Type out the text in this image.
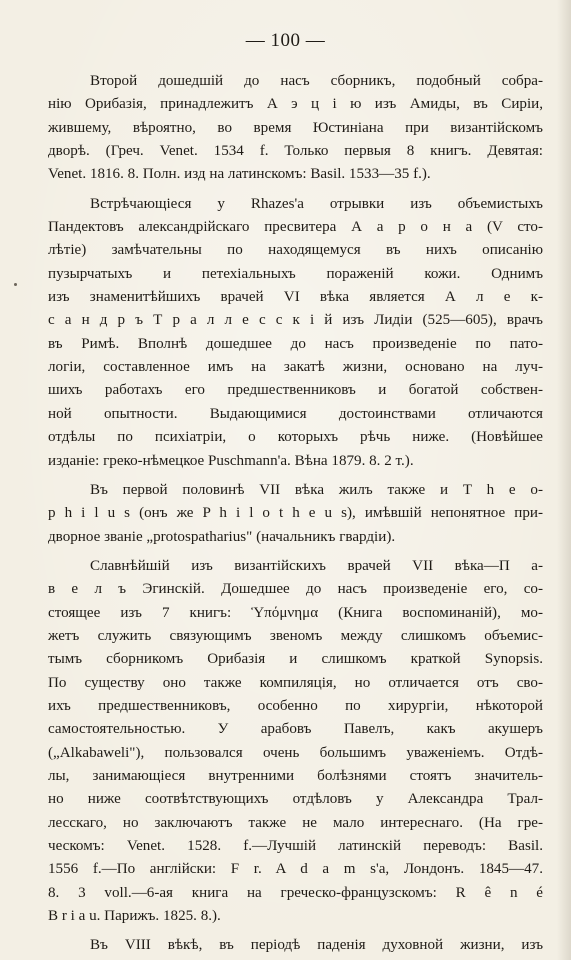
— 100 —
Второй дошедшій до насъ сборникъ, подобный собра-
нію Орибазія, принадлежитъ А э ц і ю изъ Амиды, въ Сиріи,
жившему, вѣроятно, во время Юстиніана при византійскомъ
дворѣ. (Греч. Venet. 1534 f. Только первыя 8 книгъ. Девятая:
Venet. 1816. 8. Полн. изд на латинскомъ: Basil. 1533—35 f.).
Встрѣчающіеся у Rhazes'а отрывки изъ объемистыхъ
Пандектовъ александрійскаго пресвитера А а р о н а (V сто-
лѣтіе) замѣчательны по находящемуся въ нихъ описанію
пузырчатыхъ и петехіальныхъ пораженій кожи. Однимъ
изъ знаменитѣйшихъ врачей VI вѣка является А л е к-
с а н д р ъ Т р а л л е с с к і й изъ Лидіи (525—605), врачъ
въ Римѣ. Вполнѣ дошедшее до насъ произведеніе по пато-
логіи, составленное имъ на закатѣ жизни, основано на луч-
шихъ работахъ его предшественниковъ и богатой собствен-
ной опытности. Выдающимися достоинствами отличаются
отдѣлы по психіатріи, о которыхъ рѣчь ниже. (Новѣйшее
изданіе: греко-нѣмецкое Puschmann'а. Вѣна 1879. 8. 2 т.).
Въ первой половинѣ VII вѣка жилъ также и T h e o-
p h i l u s (онъ же P h i l o t h e u s), имѣвшій непонятное при-
дворное званіе „protospatharius" (начальникъ гвардіи).
Славнѣйшій изъ византійскихъ врачей VII вѣка—П а-
в е л ъ Эгинскій. Дошедшее до насъ произведеніе его, со-
стоящее изъ 7 книгъ: Ὑπόμνημα (Книга воспоминаній), мо-
жетъ служить связующимъ звеномъ между слишкомъ объемис-
тымъ сборникомъ Орибазія и слишкомъ краткой Synopsis.
По существу оно также компиляція, но отличается отъ сво-
ихъ предшественниковъ, особенно по хирургіи, нѣкоторой
самостоятельностью. У арабовъ Павелъ, какъ акушеръ
(„Alkabaweli"), пользовался очень большимъ уваженіемъ. Отдѣ-
лы, занимающіеся внутренними болѣзнями стоятъ значитель-
но ниже соотвѣтствующихъ отдѣловъ у Александра Трал-
лесскаго, но заключаютъ также не мало интереснаго. (На гре-
ческомъ: Venet. 1528. f.—Лучшій латинскій переводъ: Basil.
1556 f.—По англійски: F r. A d a m s'а, Лондонъ. 1845—47.
8. 3 voll.—6-ая книга на греческо-французскомъ: R ê n é
B r i a u. Парижъ. 1825. 8.).
Въ VIII вѣкѣ, въ періодѣ паденія духовной жизни, изъ
